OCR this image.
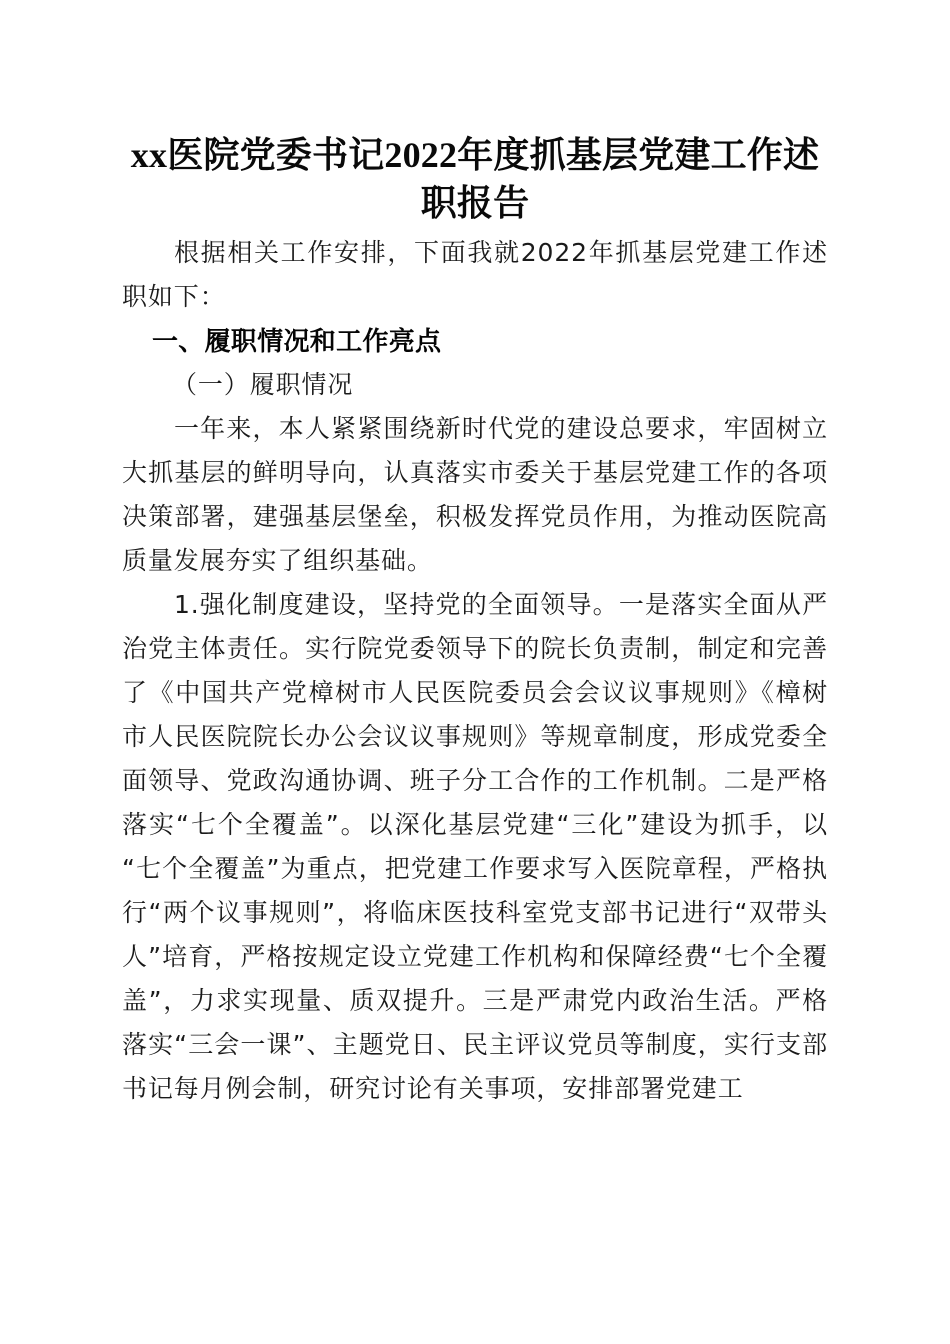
xx医院党委书记2022年度抓基层党建工作述
职报告

根据相关工作安排，下面我就2022年抓基层党建工作述职如下：

一、履职情况和工作亮点

（一）履职情况

一年来，本人紧紧围绕新时代党的建设总要求，牢固树立大抓基层的鲜明导向，认真落实市委关于基层党建工作的各项决策部署，建强基层堡垒，积极发挥党员作用，为推动医院高质量发展夯实了组织基础。

1.强化制度建设，坚持党的全面领导。一是落实全面从严治党主体责任。实行院党委领导下的院长负责制，制定和完善了《中国共产党樟树市人民医院委员会会议议事规则》《樟树市人民医院院长办公会议议事规则》等规章制度，形成党委全面领导、党政沟通协调、班子分工合作的工作机制。二是严格落实“七个全覆盖”。以深化基层党建“三化”建设为抓手，以“七个全覆盖”为重点，把党建工作要求写入医院章程，严格执行“两个议事规则”，将临床医技科室党支部书记进行“双带头人”培育，严格按规定设立党建工作机构和保障经费“七个全覆盖”，力求实现量、质双提升。三是严肃党内政治生活。严格落实“三会一课”、主题党日、民主评议党员等制度，实行支部书记每月例会制，研究讨论有关事项，安排部署党建工
